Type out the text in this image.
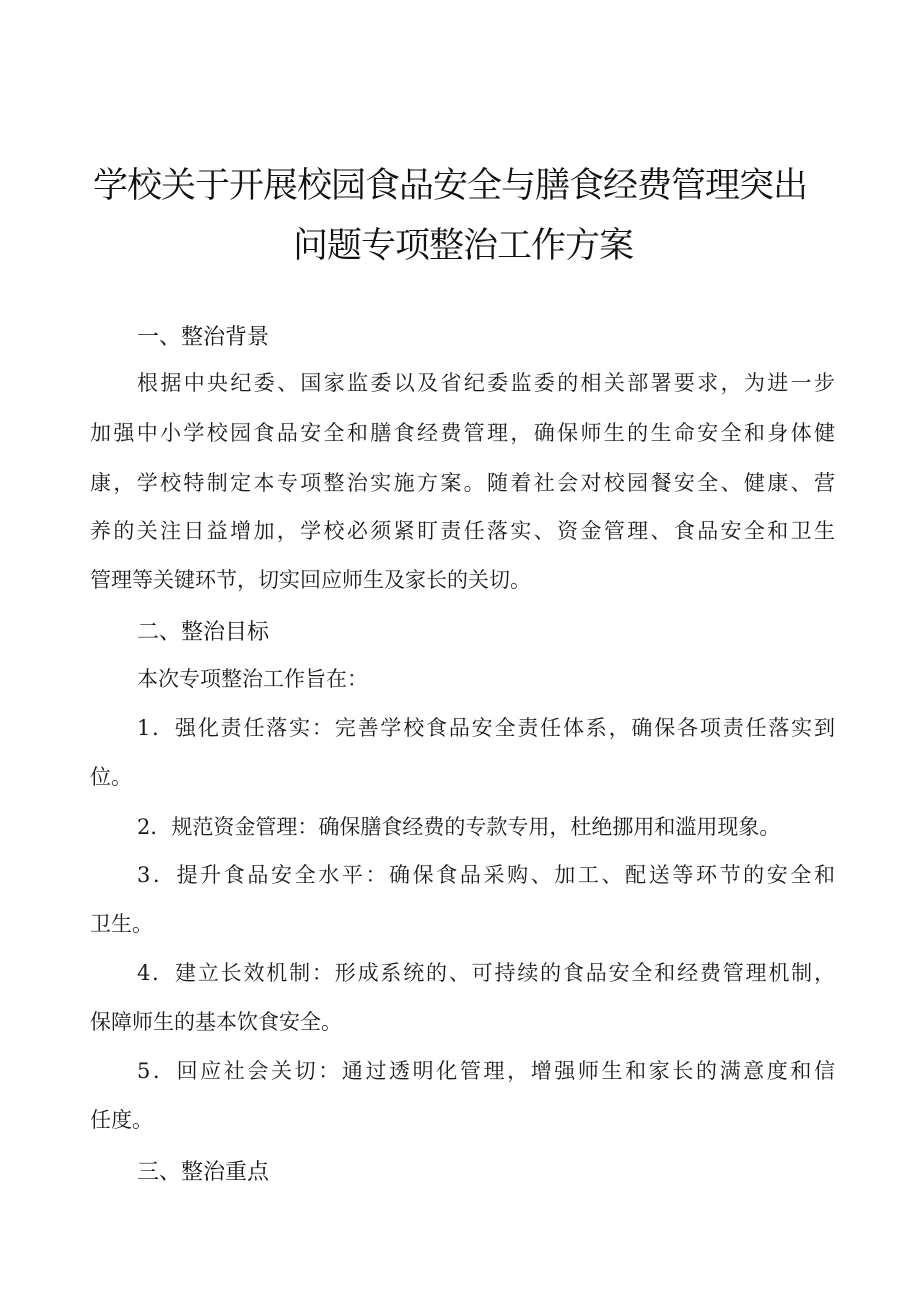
学校关于开展校园食品安全与膳食经费管理突出
问题专项整治工作方案
一、整治背景
根据中央纪委、国家监委以及省纪委监委的相关部署要求，为进一步
加强中小学校园食品安全和膳食经费管理，确保师生的生命安全和身体健
康，学校特制定本专项整治实施方案。随着社会对校园餐安全、健康、营
养的关注日益增加，学校必须紧盯责任落实、资金管理、食品安全和卫生
管理等关键环节，切实回应师生及家长的关切。
二、整治目标
本次专项整治工作旨在：
1．强化责任落实：完善学校食品安全责任体系，确保各项责任落实到
位。
2．规范资金管理：确保膳食经费的专款专用，杜绝挪用和滥用现象。
3．提升食品安全水平：确保食品采购、加工、配送等环节的安全和
卫生。
4．建立长效机制：形成系统的、可持续的食品安全和经费管理机制，
保障师生的基本饮食安全。
5．回应社会关切：通过透明化管理，增强师生和家长的满意度和信
任度。
三、整治重点
